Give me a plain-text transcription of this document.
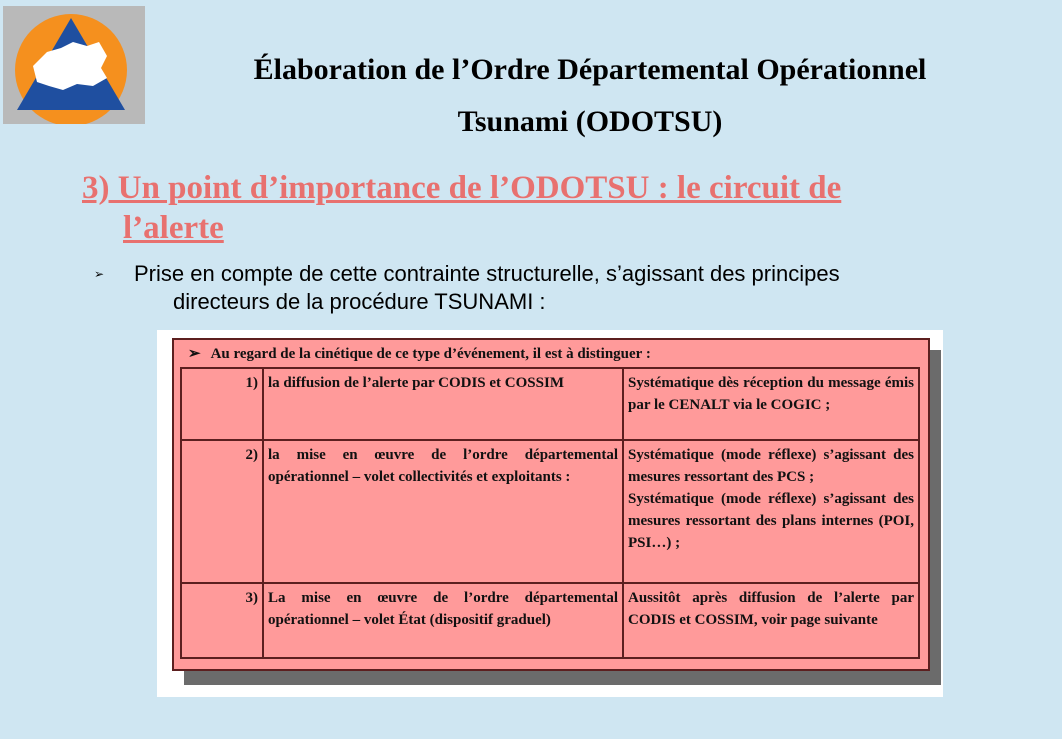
Élaboration de l’Ordre Départemental Opérationnel
Tsunami (ODOTSU)
3) Un point d’importance de l’ODOTSU : le circuit de
l’alerte
➢ Prise en compte de cette contrainte structurelle, s’agissant des principes
directeurs de la procédure TSUNAMI :
➢ Au regard de la cinétique de ce type d’événement, il est à distinguer :
1) la diffusion de l’alerte par CODIS et COSSIM	Systématique dès réception du message émis par le CENALT via le COGIC ;
2) la mise en œuvre de l’ordre départemental opérationnel – volet collectivités et exploitants :
Systématique (mode réflexe) s’agissant des mesures ressortant des PCS ;
Systématique (mode réflexe) s’agissant des mesures ressortant des plans internes (POI, PSI…) ;
3) La mise en œuvre de l’ordre départemental opérationnel – volet État (dispositif graduel)
Aussitôt après diffusion de l’alerte par CODIS et COSSIM, voir page suivante
